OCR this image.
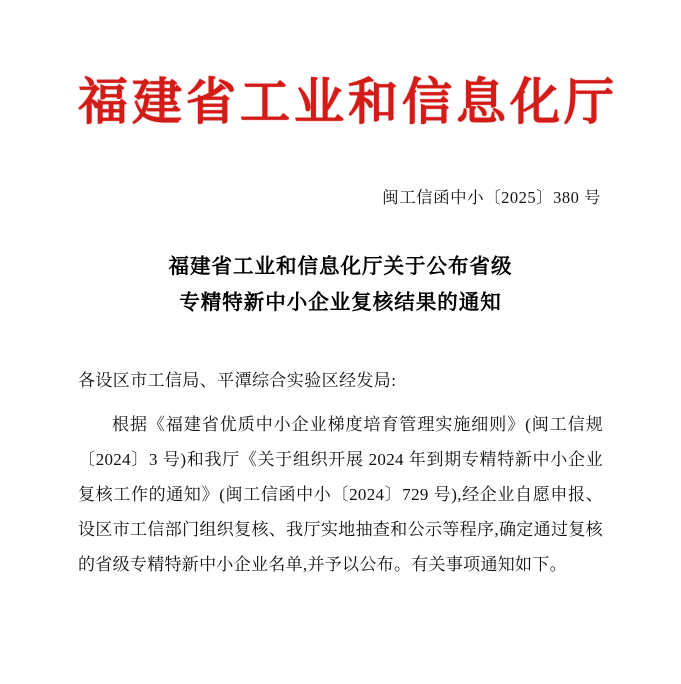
福建省工业和信息化厅
闽工信函中小〔2025〕380 号
福建省工业和信息化厅关于公布省级
专精特新中小企业复核结果的通知
各设区市工信局、平潭综合实验区经发局:
根据《福建省优质中小企业梯度培育管理实施细则》(闽工信规〔2024〕3 号)和我厅《关于组织开展 2024 年到期专精特新中小企业复核工作的通知》(闽工信函中小〔2024〕729 号),经企业自愿申报、设区市工信部门组织复核、我厅实地抽查和公示等程序,确定通过复核的省级专精特新中小企业名单,并予以公布。有关事项通知如下。
